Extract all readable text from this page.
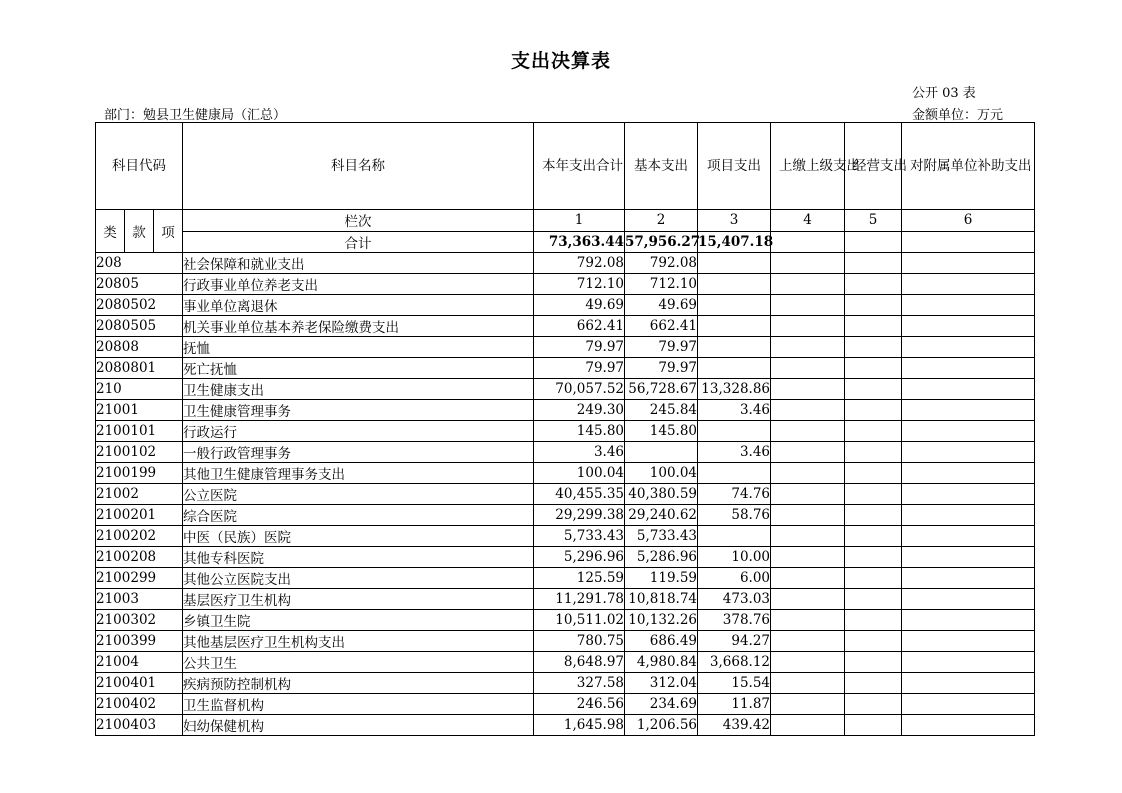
支出决算表
公开 03 表
部门：勉县卫生健康局（汇总）	金额单位：万元
科目代码			科目名称	本年支出合计	基本支出	项目支出	上缴上级支出	经营支出	对附属单位补助支出
类	款	项	栏次	1	2	3	4	5	6
			合计	73,363.44	57,956.27	15,407.18			
208			社会保障和就业支出	792.08	792.08				
20805			行政事业单位养老支出	712.10	712.10				
2080502			事业单位离退休	49.69	49.69				
2080505			机关事业单位基本养老保险缴费支出	662.41	662.41				
20808			抚恤	79.97	79.97				
2080801			死亡抚恤	79.97	79.97				
210			卫生健康支出	70,057.52	56,728.67	13,328.86			
21001			卫生健康管理事务	249.30	245.84	3.46			
2100101			行政运行	145.80	145.80				
2100102			一般行政管理事务	3.46		3.46			
2100199			其他卫生健康管理事务支出	100.04	100.04				
21002			公立医院	40,455.35	40,380.59	74.76			
2100201			综合医院	29,299.38	29,240.62	58.76			
2100202			中医（民族）医院	5,733.43	5,733.43				
2100208			其他专科医院	5,296.96	5,286.96	10.00			
2100299			其他公立医院支出	125.59	119.59	6.00			
21003			基层医疗卫生机构	11,291.78	10,818.74	473.03			
2100302			乡镇卫生院	10,511.02	10,132.26	378.76			
2100399			其他基层医疗卫生机构支出	780.75	686.49	94.27			
21004			公共卫生	8,648.97	4,980.84	3,668.12			
2100401			疾病预防控制机构	327.58	312.04	15.54			
2100402			卫生监督机构	246.56	234.69	11.87			
2100403			妇幼保健机构	1,645.98	1,206.56	439.42			
